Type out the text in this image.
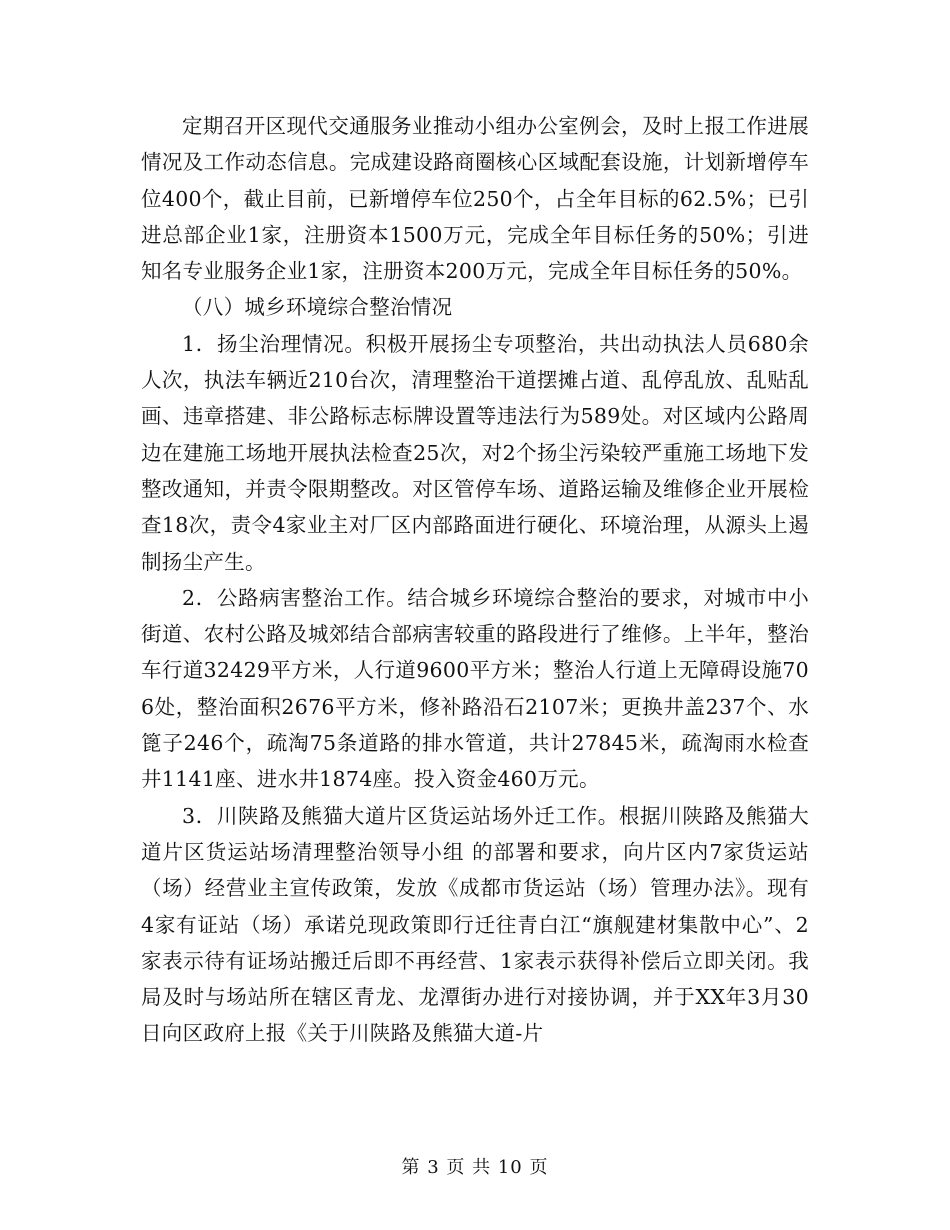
定期召开区现代交通服务业推动小组办公室例会，及时上报工作进展情况及工作动态信息。完成建设路商圈核心区域配套设施，计划新增停车位400个，截止目前，已新增停车位250个，占全年目标的62.5%；已引进总部企业1家，注册资本1500万元，完成全年目标任务的50%；引进知名专业服务企业1家，注册资本200万元，完成全年目标任务的50%。

（八）城乡环境综合整治情况

1．扬尘治理情况。积极开展扬尘专项整治，共出动执法人员680余人次，执法车辆近210台次，清理整治干道摆摊占道、乱停乱放、乱贴乱画、违章搭建、非公路标志标牌设置等违法行为589处。对区域内公路周边在建施工场地开展执法检查25次，对2个扬尘污染较严重施工场地下发整改通知，并责令限期整改。对区管停车场、道路运输及维修企业开展检查18次，责令4家业主对厂区内部路面进行硬化、环境治理，从源头上遏制扬尘产生。

2．公路病害整治工作。结合城乡环境综合整治的要求，对城市中小街道、农村公路及城郊结合部病害较重的路段进行了维修。上半年，整治车行道32429平方米，人行道9600平方米；整治人行道上无障碍设施706处，整治面积2676平方米，修补路沿石2107米；更换井盖237个、水篦子246个，疏淘75条道路的排水管道，共计27845米，疏淘雨水检查井1141座、进水井1874座。投入资金460万元。

3．川陕路及熊猫大道片区货运站场外迁工作。根据川陕路及熊猫大道片区货运站场清理整治领导小组 的部署和要求，向片区内7家货运站（场）经营业主宣传政策，发放《成都市货运站（场）管理办法》。现有4家有证站（场）承诺兑现政策即行迁往青白江“旗舰建材集散中心”、2家表示待有证场站搬迁后即不再经营、1家表示获得补偿后立即关闭。我局及时与场站所在辖区青龙、龙潭街办进行对接协调，并于XX年3月30日向区政府上报《关于川陕路及熊猫大道-片

第 3 页 共 10 页
